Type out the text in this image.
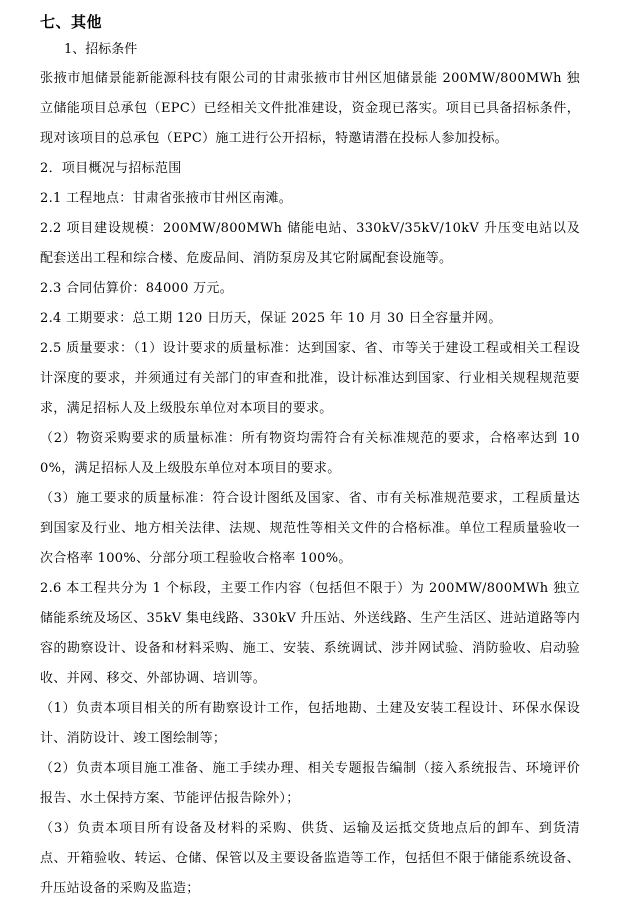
七、其他
1、招标条件

张掖市旭储景能新能源科技有限公司的甘肃张掖市甘州区旭储景能 200MW/800MWh 独立储能项目总承包（EPC）已经相关文件批准建设，资金现已落实。项目已具备招标条件，现对该项目的总承包（EPC）施工进行公开招标，特邀请潜在投标人参加投标。

2．项目概况与招标范围

2.1 工程地点：甘肃省张掖市甘州区南滩。

2.2 项目建设规模：200MW/800MWh 储能电站、330kV/35kV/10kV 升压变电站以及配套送出工程和综合楼、危废品间、消防泵房及其它附属配套设施等。

2.3 合同估算价：84000 万元。

2.4 工期要求：总工期 120 日历天，保证 2025 年 10 月 30 日全容量并网。

2.5 质量要求：（1）设计要求的质量标准：达到国家、省、市等关于建设工程或相关工程设计深度的要求，并须通过有关部门的审查和批准，设计标准达到国家、行业相关规程规范要求，满足招标人及上级股东单位对本项目的要求。

（2）物资采购要求的质量标准：所有物资均需符合有关标准规范的要求，合格率达到 100%，满足招标人及上级股东单位对本项目的要求。

（3）施工要求的质量标准：符合设计图纸及国家、省、市有关标准规范要求，工程质量达到国家及行业、地方相关法律、法规、规范性等相关文件的合格标准。单位工程质量验收一次合格率 100%、分部分项工程验收合格率 100%。

2.6 本工程共分为 1 个标段，主要工作内容（包括但不限于）为 200MW/800MWh 独立储能系统及场区、35kV 集电线路、330kV 升压站、外送线路、生产生活区、进站道路等内容的勘察设计、设备和材料采购、施工、安装、系统调试、涉并网试验、消防验收、启动验收、并网、移交、外部协调、培训等。

（1）负责本项目相关的所有勘察设计工作，包括地勘、土建及安装工程设计、环保水保设计、消防设计、竣工图绘制等；

（2）负责本项目施工准备、施工手续办理、相关专题报告编制（接入系统报告、环境评价报告、水土保持方案、节能评估报告除外）；

（3）负责本项目所有设备及材料的采购、供货、运输及运抵交货地点后的卸车、到货清点、开箱验收、转运、仓储、保管以及主要设备监造等工作，包括但不限于储能系统设备、升压站设备的采购及监造；
